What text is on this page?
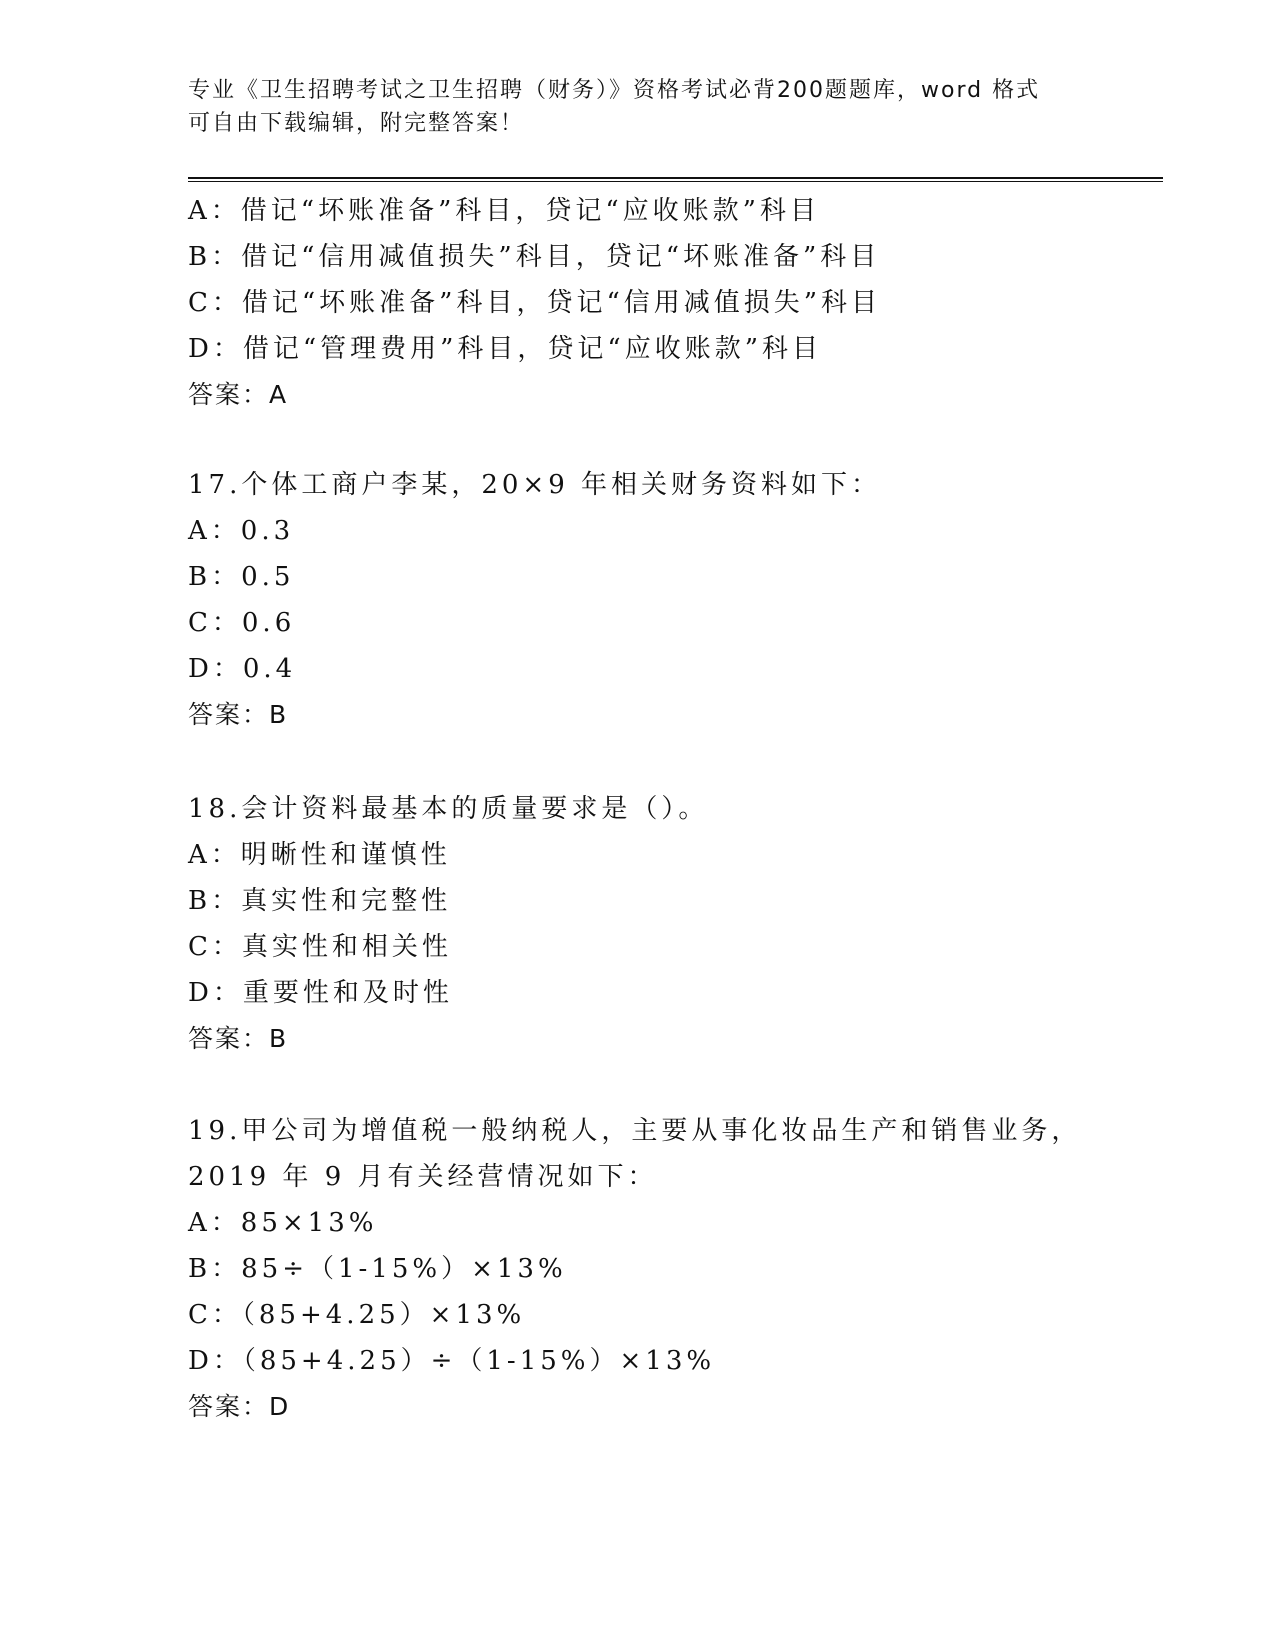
专业《卫生招聘考试之卫生招聘（财务）》资格考试必背200题题库，word 格式
可自由下载编辑，附完整答案！
A：借记“坏账准备”科目，贷记“应收账款”科目
B：借记“信用减值损失”科目，贷记“坏账准备”科目
C：借记“坏账准备”科目，贷记“信用减值损失”科目
D：借记“管理费用”科目，贷记“应收账款”科目
答案：A
17.个体工商户李某，20×9 年相关财务资料如下：
A：0.3
B：0.5
C：0.6
D：0.4
答案：B
18.会计资料最基本的质量要求是（）。
A：明晰性和谨慎性
B：真实性和完整性
C：真实性和相关性
D：重要性和及时性
答案：B
19.甲公司为增值税一般纳税人，主要从事化妆品生产和销售业务，
2019 年 9 月有关经营情况如下：
A：85×13%
B：85÷（1-15%）×13%
C：（85+4.25）×13%
D：（85+4.25）÷（1-15%）×13%
答案：D
